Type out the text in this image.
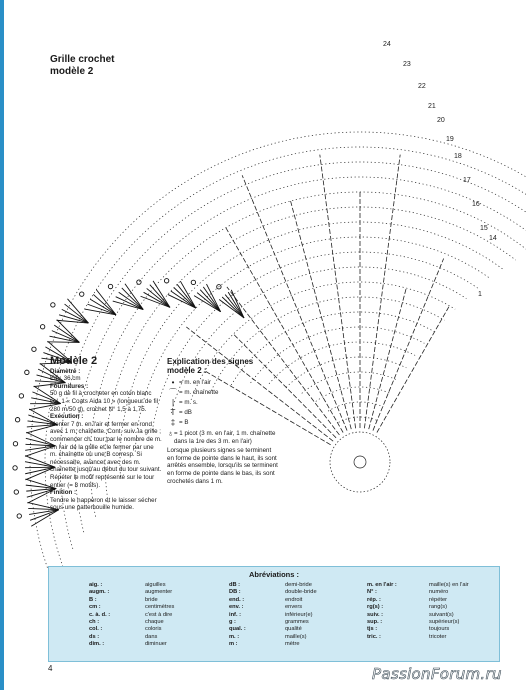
Grille crochet
modèle 2
24
23
22
21
20
19
18
17
16
15
14
1
Modèle 2
Diamètre :
Env. 36 cm
Fournitures :
50 g de fil à crocheter en coton blanc col. 1 « Coats Aida 10 » (longueur de fil 280 m/50 g), crochet N° 1,5 à 1,75.
Exécution :
Monter 7 m. en l'air et fermer en rond avec 1 m. chaînette. Cont. suiv. la grille ; commencer ch. tour par le nombre de m. en l'air de la grille et le fermer par une m. chaînette ou une B corresp. Si nécessaire, avancer avec des m. chaînette jusqu'au début du tour suivant. Répéter le motif représenté sur le tour entier (= 8 motifs).
Finition :
Tendre le napperon et le laisser sécher sous une pattemouille humide.
Explication des signes modèle 2 :
• = m. en l'air
⌒ = m. chaînette
| = m. s.
T = dB
‡ = B
♁ = 1 picot (3 m. en l'air, 1 m. chaînette dans la 1re des 3 m. en l'air)

Lorsque plusieurs signes se terminent en forme de pointe dans le haut, ils sont arrêtés ensemble, lorsqu'ils se terminent en forme de pointe dans le bas, ils sont crochetés dans 1 m.

Abréviations :
aig. :	aiguilles
augm. :	augmenter
B :	bride
cm :	centimètres
c. à. d. :	c'est à dire
ch :	chaque
col. :	coloris
ds :	dans
dim. :	diminuer
dB :	demi-bride
DB :	double-bride
end. :	endroit
env. :	envers
inf. :	inférieur(e)
g :	grammes
qual. :	qualité
m. :	maille(s)
m :	mètre
m. en l'air :	maille(s) en l'air
N° :	numéro
rép. :	répéter
rg(s) :	rang(s)
suiv. :	suivant(s)
sup. :	supérieur(s)
tjs :	toujours
tric. :	tricoter
4	PassionForum.ru
